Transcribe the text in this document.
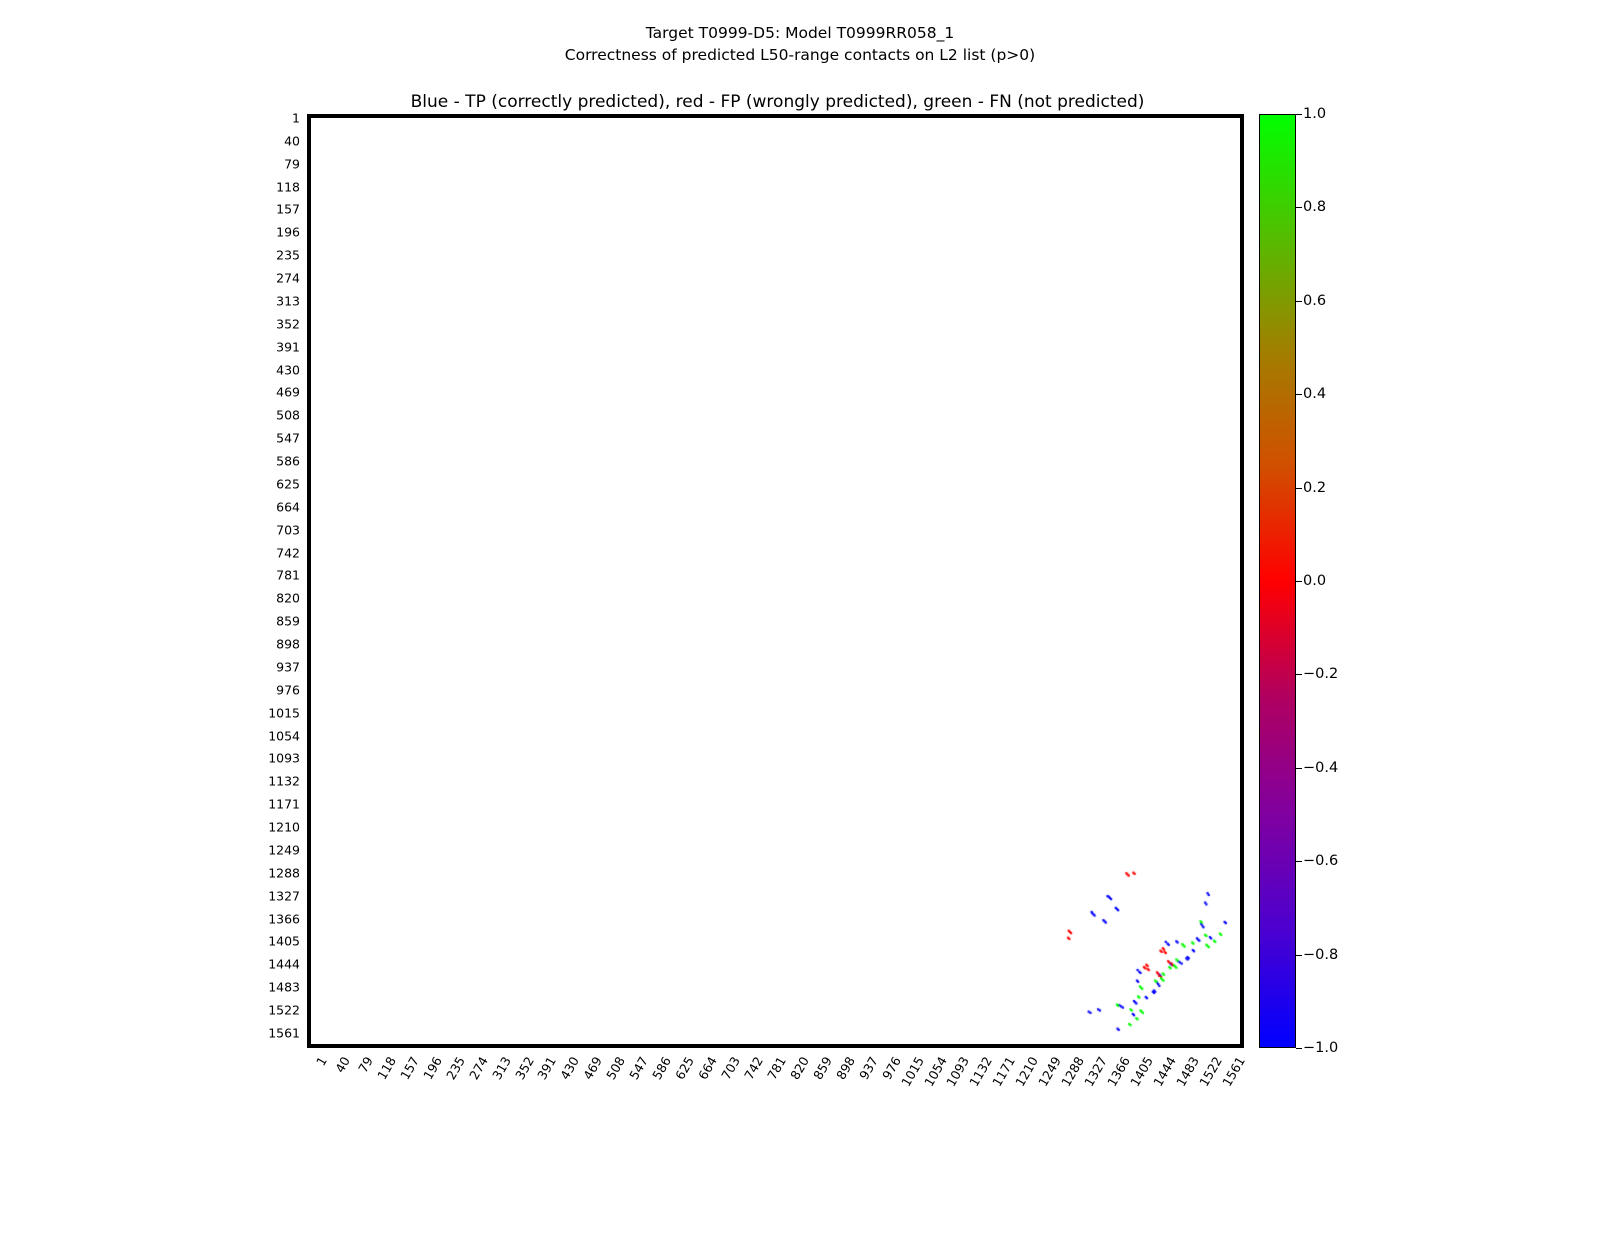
Target T0999-D5: Model T0999RR058_1
Correctness of predicted L50-range contacts on L2 list (p>0)
Blue - TP (correctly predicted), red - FP (wrongly predicted), green - FN (not predicted)
1
40
79
118
157
196
235
274
313
352
391
430
469
508
547
586
625
664
703
742
781
820
859
898
937
976
1015
1054
1093
1132
1171
1210
1249
1288
1327
1366
1405
1444
1483
1522
1561
1 40 79
118
157
196
235
274
313
352
391
430
469
508
547
586
625
664
703
742
781
820
859
898
937
976
1015
1054
1093
1132
1171
1210
1249
1288
1327
1366
1405
1444
1483
1522
1561
−1.0
−0.8
−0.6
−0.4
−0.2
0.0
0.2
0.4
0.6
0.8
1.0
